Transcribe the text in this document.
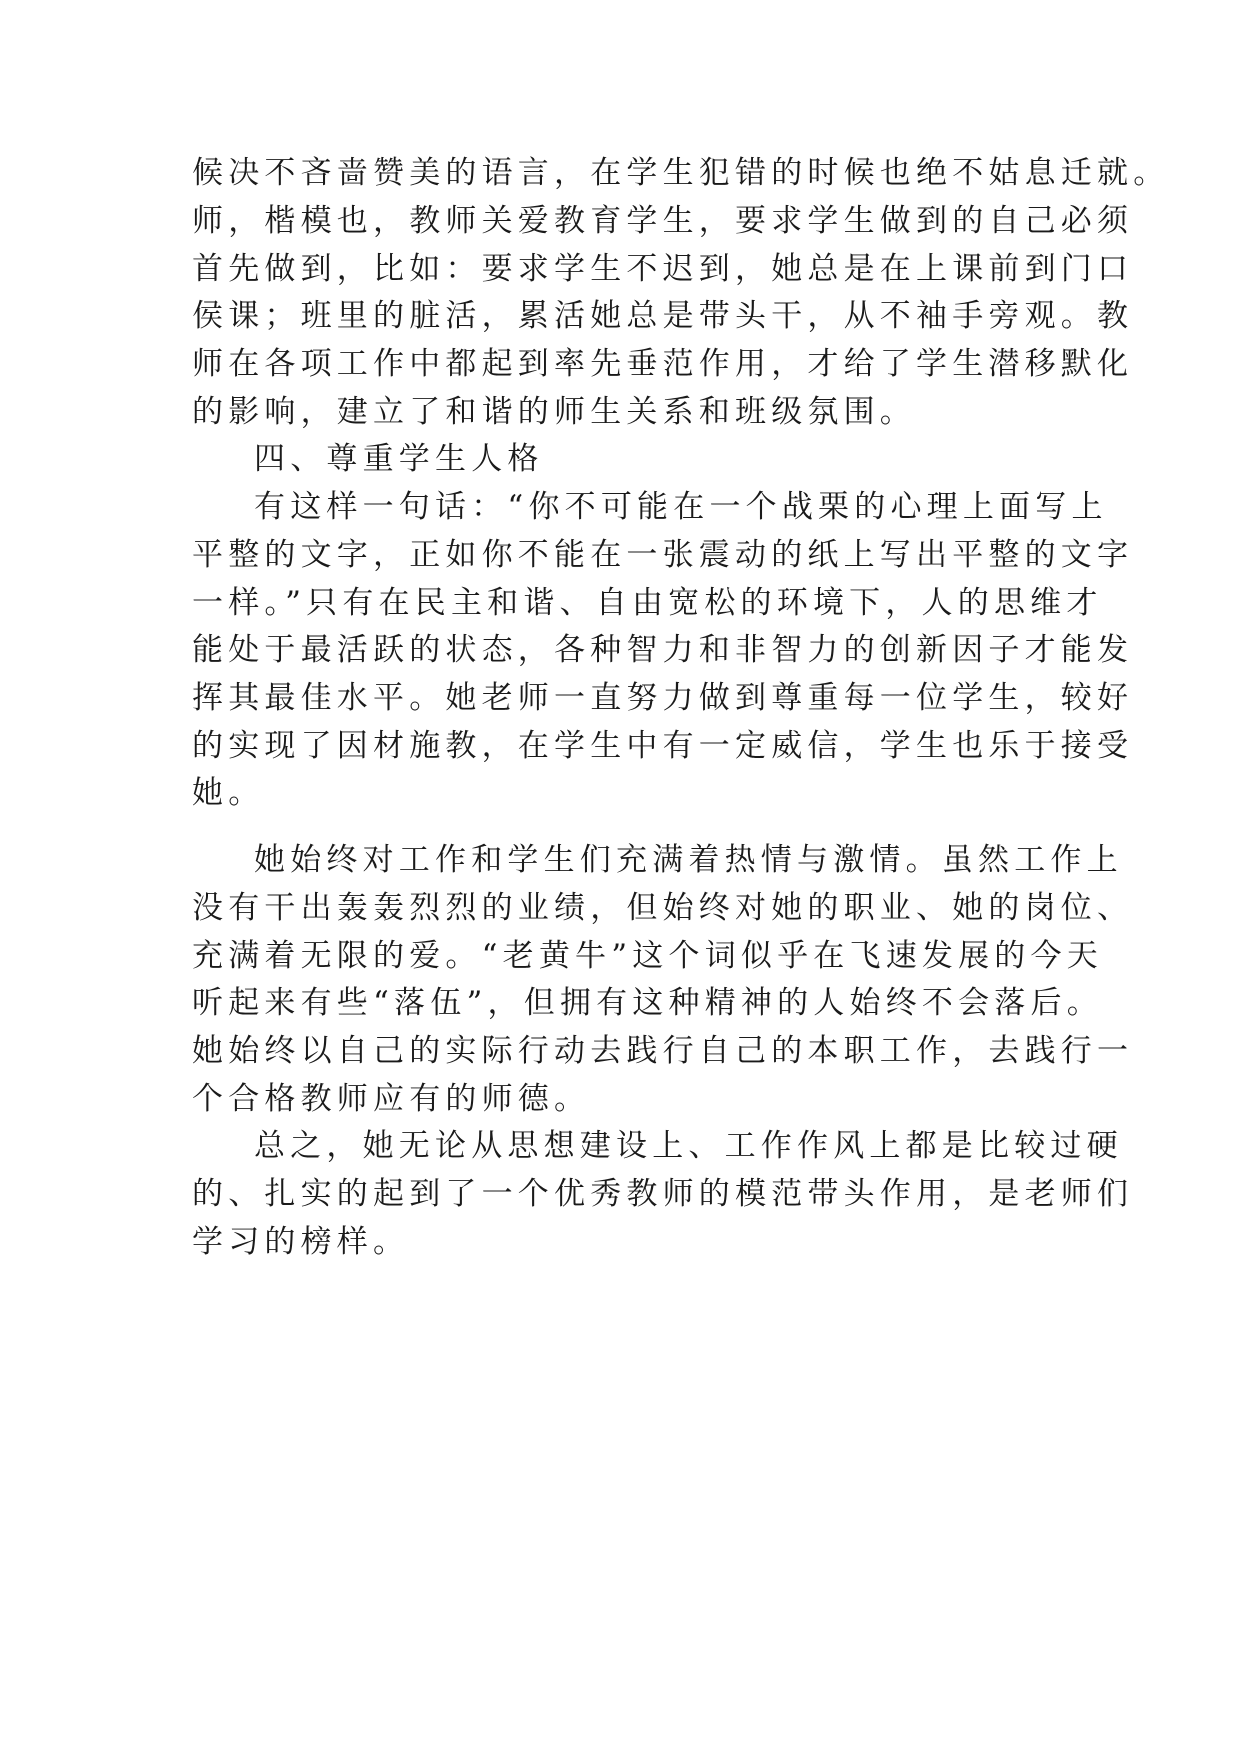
候决不吝啬赞美的语言，在学生犯错的时候也绝不姑息迁就。
师，楷模也，教师关爱教育学生，要求学生做到的自己必须
首先做到，比如：要求学生不迟到，她总是在上课前到门口
侯课；班里的脏活，累活她总是带头干，从不袖手旁观。教
师在各项工作中都起到率先垂范作用，才给了学生潜移默化
的影响，建立了和谐的师生关系和班级氛围。
四、尊重学生人格
有这样一句话：“你不可能在一个战栗的心理上面写上
平整的文字，正如你不能在一张震动的纸上写出平整的文字
一样。”只有在民主和谐、自由宽松的环境下，人的思维才
能处于最活跃的状态，各种智力和非智力的创新因子才能发
挥其最佳水平。她老师一直努力做到尊重每一位学生，较好
的实现了因材施教，在学生中有一定威信，学生也乐于接受
她。
她始终对工作和学生们充满着热情与激情。虽然工作上
没有干出轰轰烈烈的业绩，但始终对她的职业、她的岗位、
充满着无限的爱。“老黄牛”这个词似乎在飞速发展的今天
听起来有些“落伍”，但拥有这种精神的人始终不会落后。
她始终以自己的实际行动去践行自己的本职工作，去践行一
个合格教师应有的师德。
总之，她无论从思想建设上、工作作风上都是比较过硬
的、扎实的起到了一个优秀教师的模范带头作用，是老师们
学习的榜样。
